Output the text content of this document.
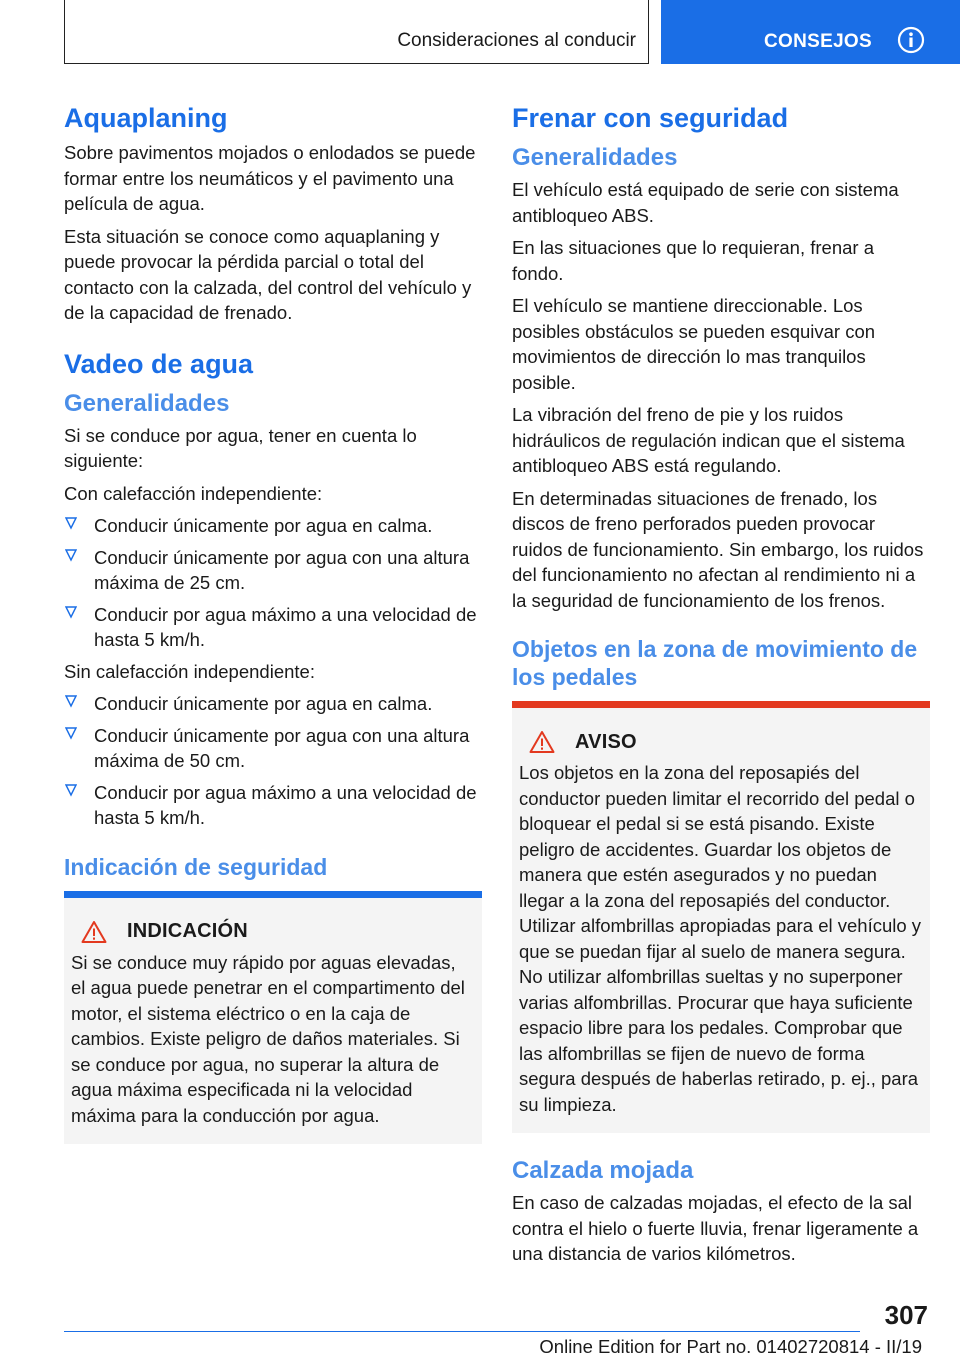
Consideraciones al conducir	CONSEJOS
Aquaplaning

Sobre pavimentos mojados o enlodados se puede formar entre los neumáticos y el pavimento una película de agua.

Esta situación se conoce como aquaplaning y puede provocar la pérdida parcial o total del contacto con la calzada, del control del vehículo y de la capacidad de frenado.

Vadeo de agua
Generalidades

Si se conduce por agua, tener en cuenta lo siguiente:

Con calefacción independiente:

Conducir únicamente por agua en calma.
Conducir únicamente por agua con una altura máxima de 25 cm.
Conducir por agua máximo a una velocidad de hasta 5 km/h.

Sin calefacción independiente:

Conducir únicamente por agua en calma.
Conducir únicamente por agua con una altura máxima de 50 cm.
Conducir por agua máximo a una velocidad de hasta 5 km/h.
Indicación de seguridad
INDICACIÓN
Si se conduce muy rápido por aguas elevadas, el agua puede penetrar en el compartimento del motor, el sistema eléctrico o en la caja de cambios. Existe peligro de daños materiales. Si se conduce por agua, no superar la altura de agua máxima especificada ni la velocidad máxima para la conducción por agua.
Frenar con seguridad
Generalidades

El vehículo está equipado de serie con sistema antibloqueo ABS.

En las situaciones que lo requieran, frenar a fondo.

El vehículo se mantiene direccionable. Los posibles obstáculos se pueden esquivar con movimientos de dirección lo mas tranquilos posible.

La vibración del freno de pie y los ruidos hidráulicos de regulación indican que el sistema antibloqueo ABS está regulando.

En determinadas situaciones de frenado, los discos de freno perforados pueden provocar ruidos de funcionamiento. Sin embargo, los ruidos del funcionamiento no afectan al rendimiento ni a la seguridad de funcionamiento de los frenos.

Objetos en la zona de movimiento de los pedales
AVISO
Los objetos en la zona del reposapiés del conductor pueden limitar el recorrido del pedal o bloquear el pedal si se está pisando. Existe peligro de accidentes. Guardar los objetos de manera que estén asegurados y no puedan llegar a la zona del reposapiés del conductor. Utilizar alfombrillas apropiadas para el vehículo y que se puedan fijar al suelo de manera segura. No utilizar alfombrillas sueltas y no superponer varias alfombrillas. Procurar que haya suficiente espacio libre para los pedales. Comprobar que las alfombrillas se fijen de nuevo de forma segura después de haberlas retirado, p. ej., para su limpieza.
Calzada mojada

En caso de calzadas mojadas, el efecto de la sal contra el hielo o fuerte lluvia, frenar ligeramente a una distancia de varios kilómetros.

307
Online Edition for Part no. 01402720814 - II/19
